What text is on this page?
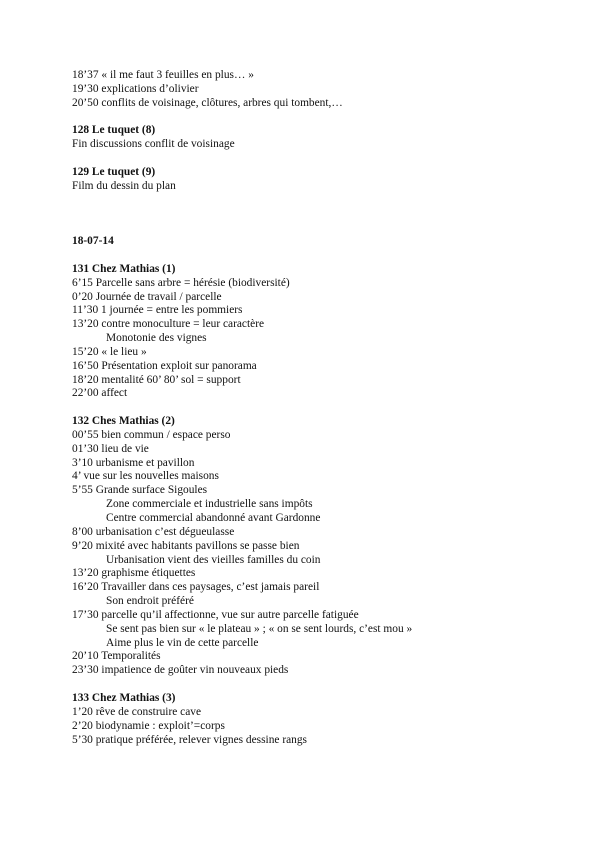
18’37 « il me faut 3 feuilles en plus… »
19’30 explications d’olivier
20’50 conflits de voisinage, clôtures, arbres qui tombent,…
128 Le tuquet (8)
Fin discussions conflit de voisinage
129 Le tuquet (9)
Film du dessin du plan
18-07-14
131 Chez Mathias (1)
6’15 Parcelle sans arbre = hérésie (biodiversité)
0’20 Journée de travail / parcelle
11’30 1 journée = entre les pommiers
13’20 contre monoculture = leur caractère
Monotonie des vignes
15’20 « le lieu »
16’50 Présentation exploit sur panorama
18’20 mentalité 60’ 80’ sol = support
22’00 affect
132 Ches Mathias (2)
00’55 bien commun / espace perso
01’30 lieu de vie
3’10 urbanisme et pavillon
4’ vue sur les nouvelles maisons
5’55 Grande surface Sigoules
Zone commerciale et industrielle sans impôts
Centre commercial abandonné avant Gardonne
8’00 urbanisation c’est dégueulasse
9’20 mixité avec habitants pavillons se passe bien
Urbanisation vient des vieilles familles du coin
13’20 graphisme étiquettes
16’20 Travailler dans ces paysages, c’est jamais pareil
Son endroit préféré
17’30 parcelle qu’il affectionne, vue sur autre parcelle fatiguée
Se sent pas bien sur « le plateau » ; « on se sent lourds, c’est mou »
Aime plus le vin de cette parcelle
20’10 Temporalités
23’30 impatience de goûter vin nouveaux pieds
133 Chez Mathias (3)
1’20 rêve de construire cave
2’20 biodynamie : exploit’=corps
5’30 pratique préférée, relever vignes dessine rangs
